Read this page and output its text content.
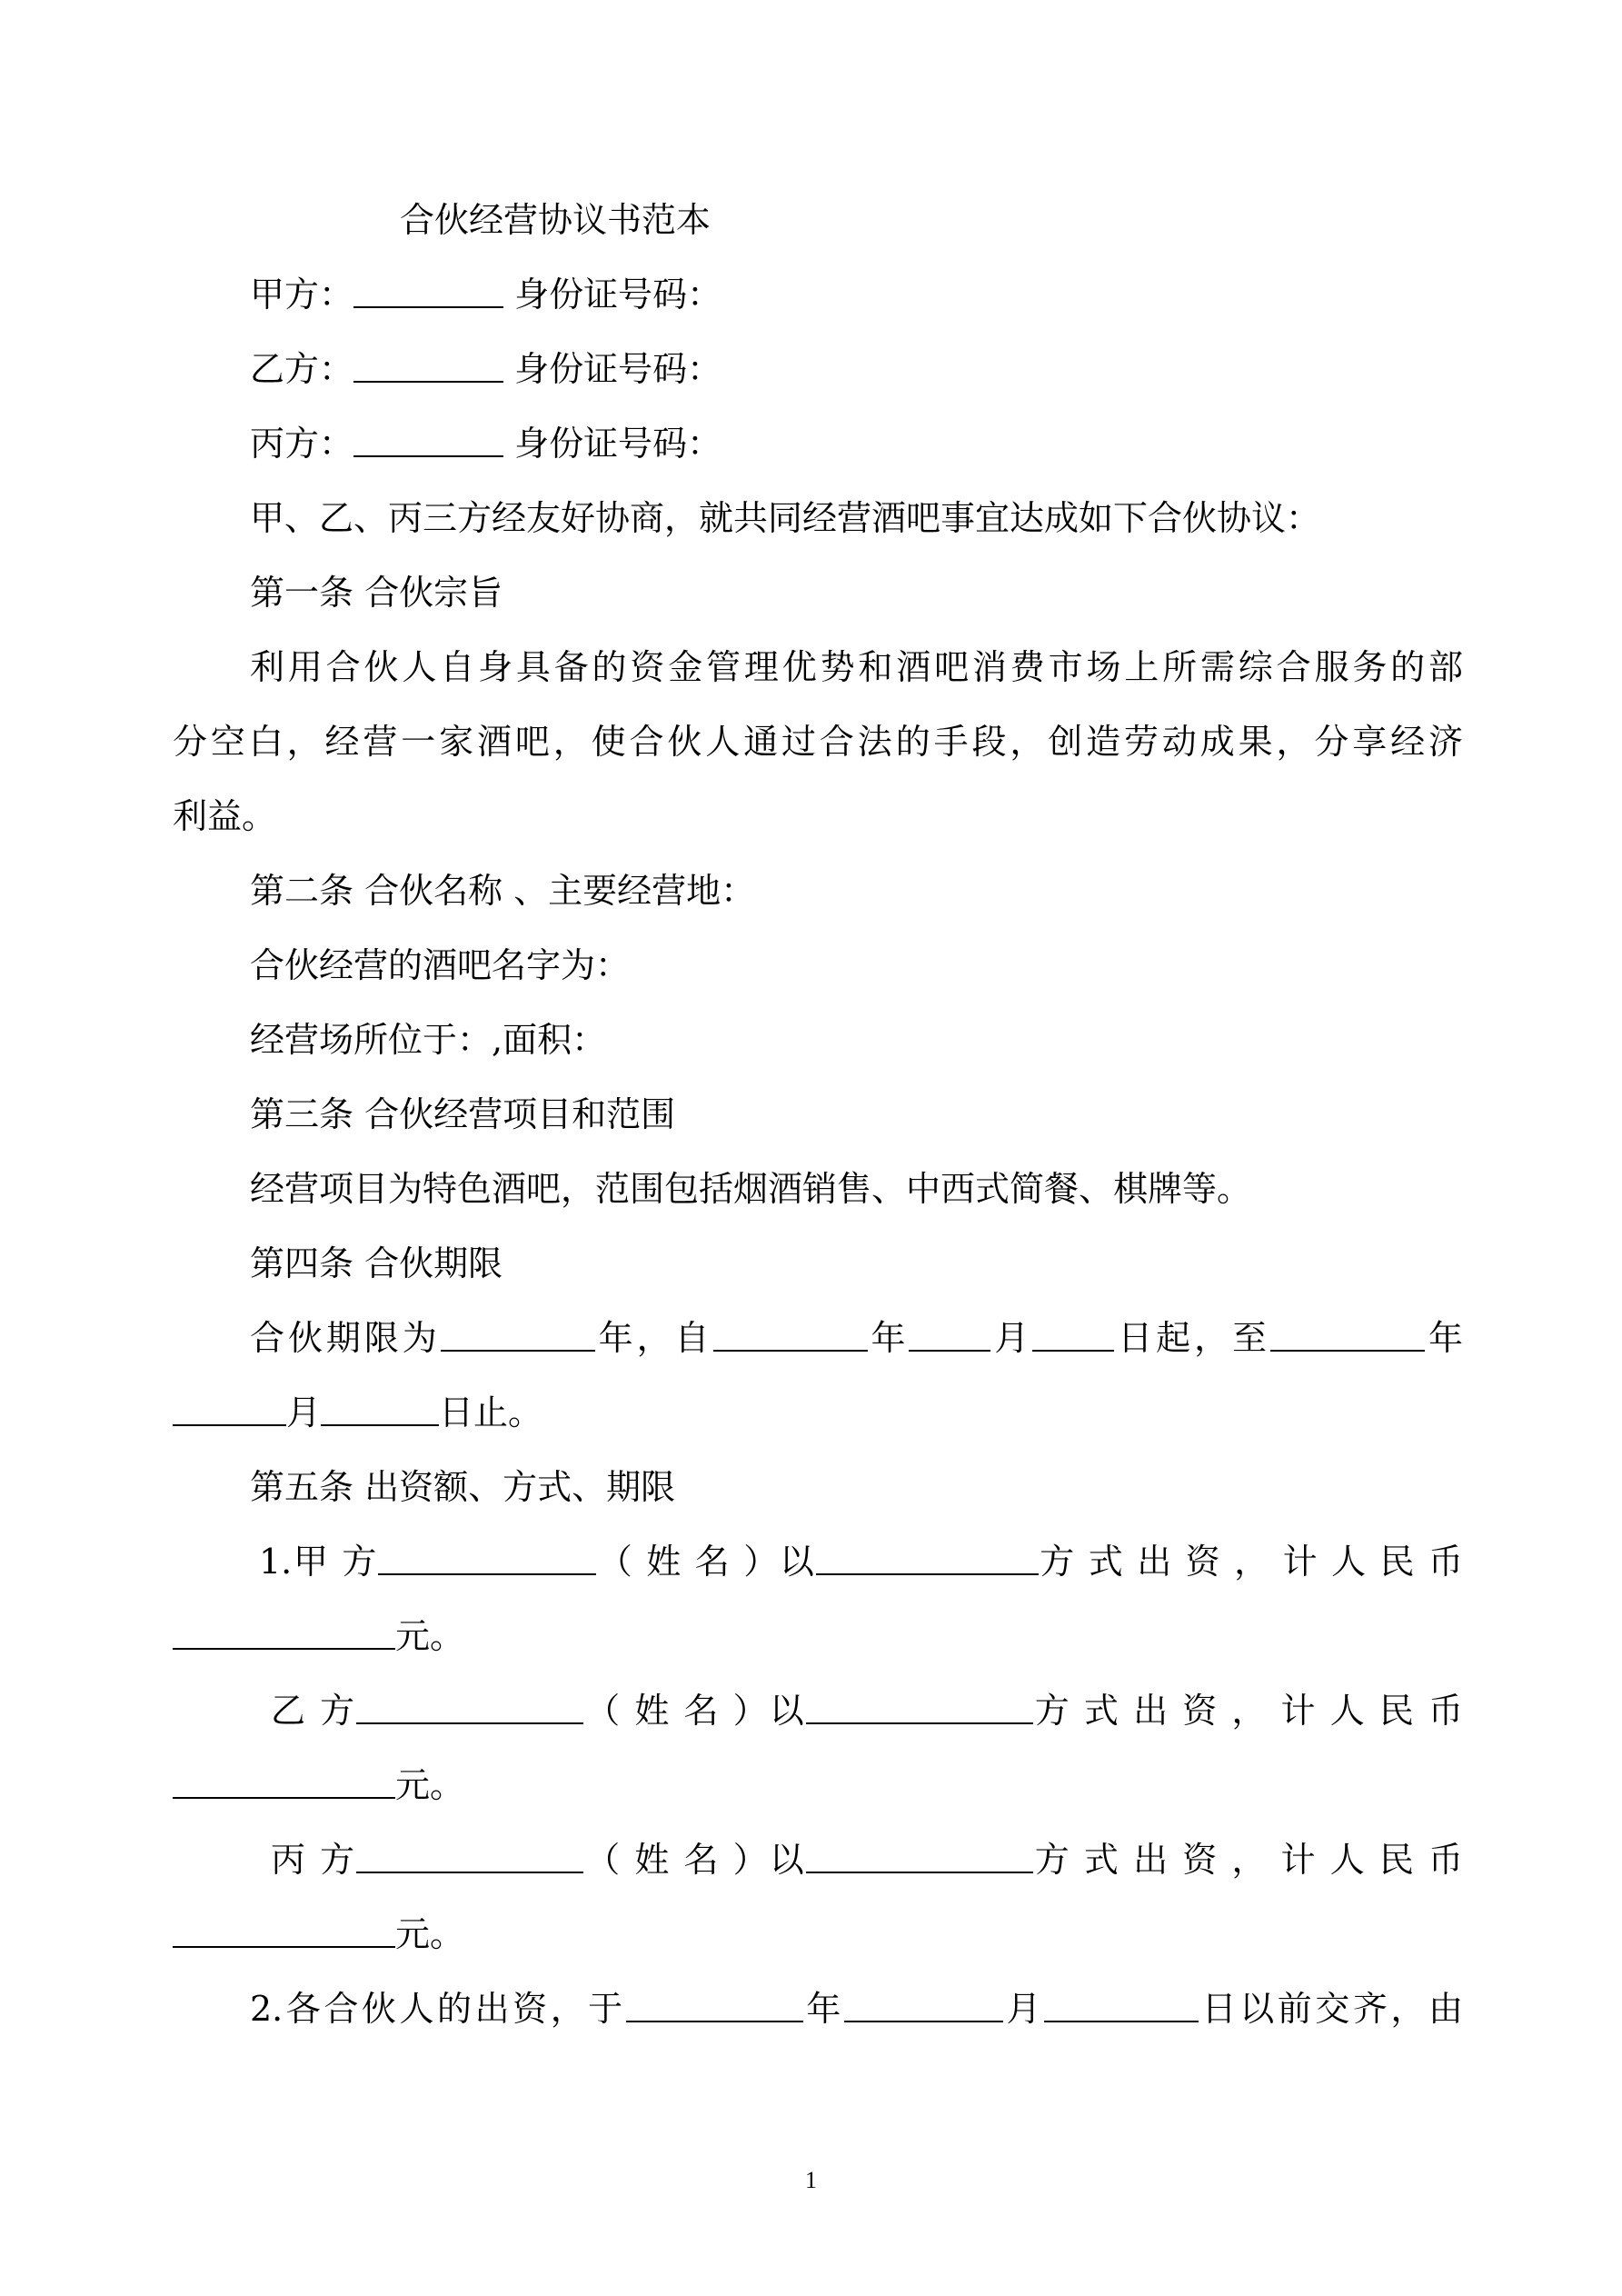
合伙经营协议书范本
甲方：	身份证号码：
乙方：	身份证号码：
丙方：	身份证号码：
甲、乙、丙三方经友好协商，就共同经营酒吧事宜达成如下合伙协议：
第一条 合伙宗旨
利用合伙人自身具备的资金管理优势和酒吧消费市场上所需综合服务的部
分空白，经营一家酒吧，使合伙人通过合法的手段，创造劳动成果，分享经济
利益。
第二条 合伙名称 、主要经营地：
合伙经营的酒吧名字为：
经营场所位于：,面积：
第三条 合伙经营项目和范围
经营项目为特色酒吧，范围包括烟酒销售、中西式简餐、棋牌等。
第四条 合伙期限
合伙期限为	年，自	年 月 日起，至	年
月	日止。
第五条 出资额、方式、期限
1.甲 方	（ 姓 名 ）以	方 式 出 资 ， 计 人 民 币
元。
乙 方	（ 姓 名 ）以	方 式 出 资 ， 计 人 民 币
元。
丙 方	（ 姓 名 ）以	方 式 出 资 ， 计 人 民 币
元。
2.各合伙人的出资，于	年	月	日以前交齐，由
1
